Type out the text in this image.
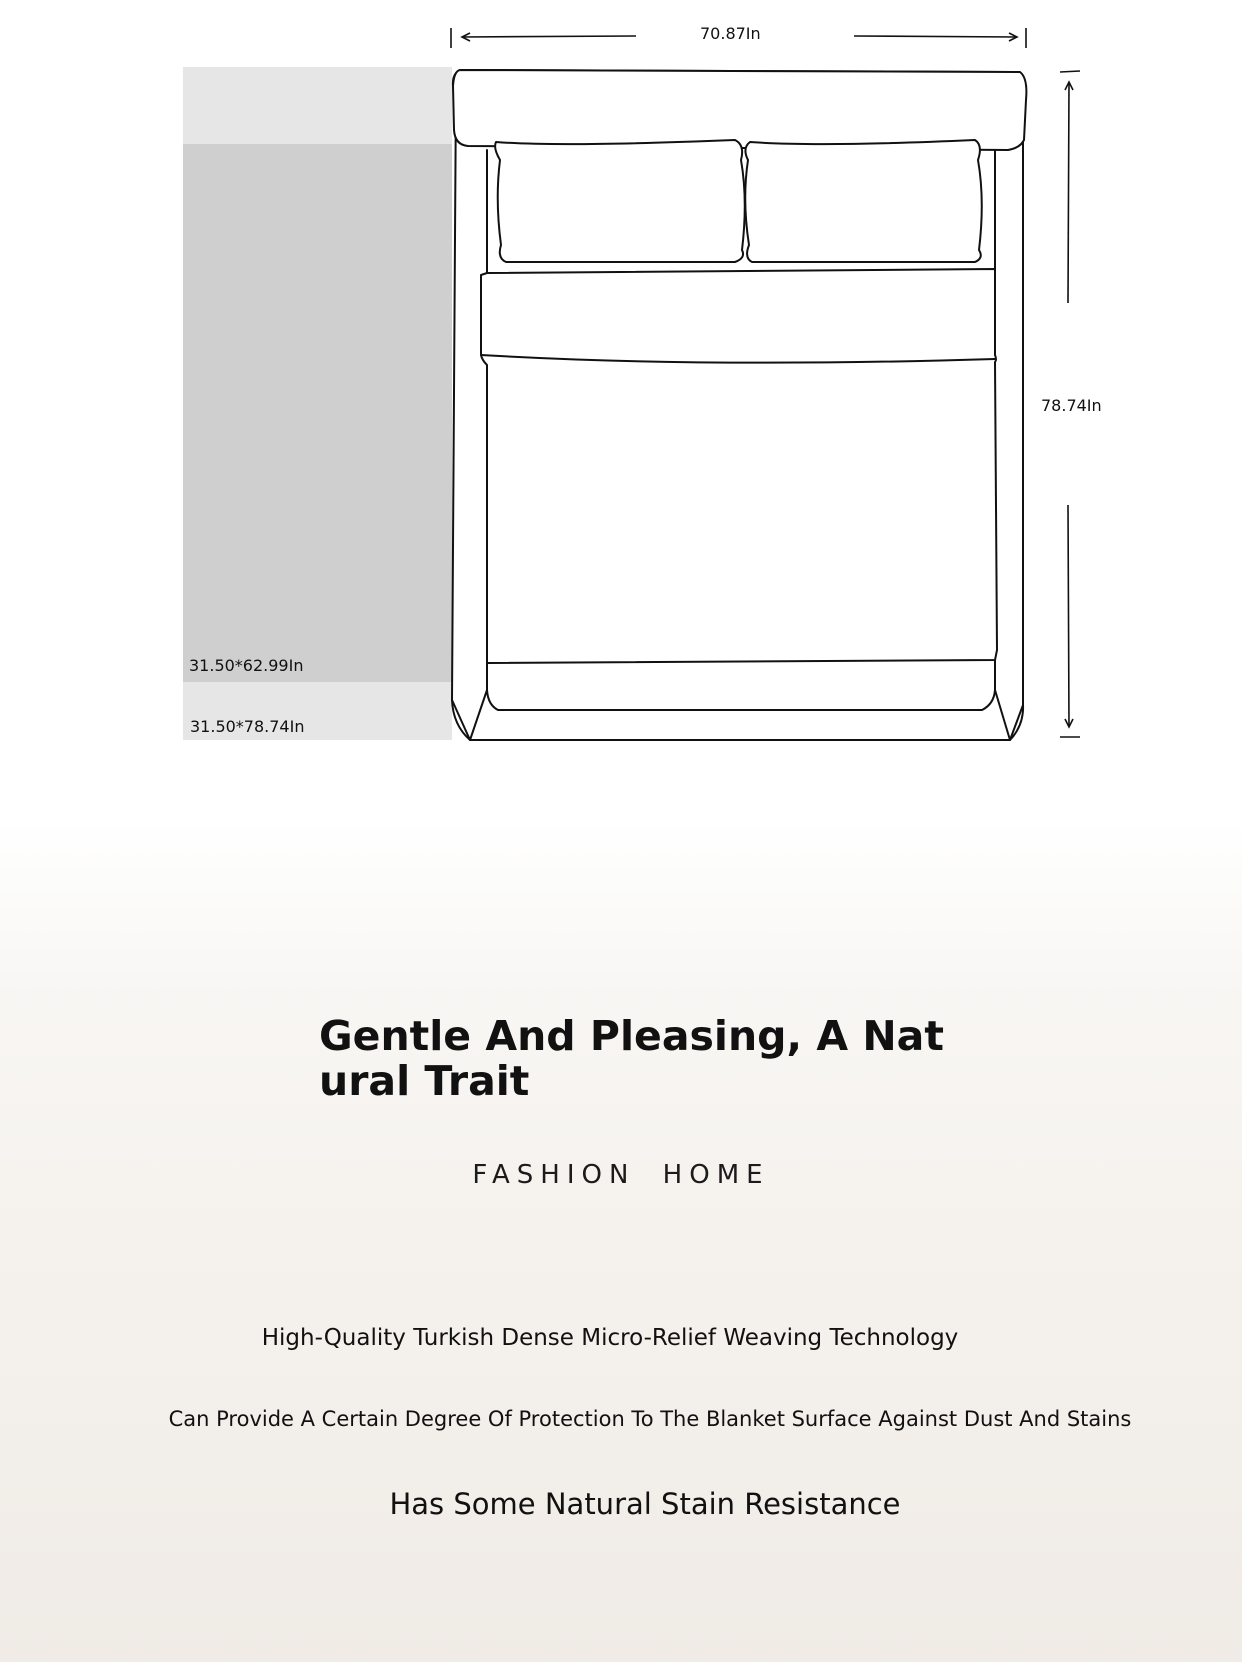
70.87In
78.74In
31.50*62.99In
31.50*78.74In
Gentle And Pleasing, A Natural Trait
FASHION HOME
High-Quality Turkish Dense Micro-Relief Weaving Technology
Can Provide A Certain Degree Of Protection To The Blanket Surface Against Dust And Stains
Has Some Natural Stain Resistance
